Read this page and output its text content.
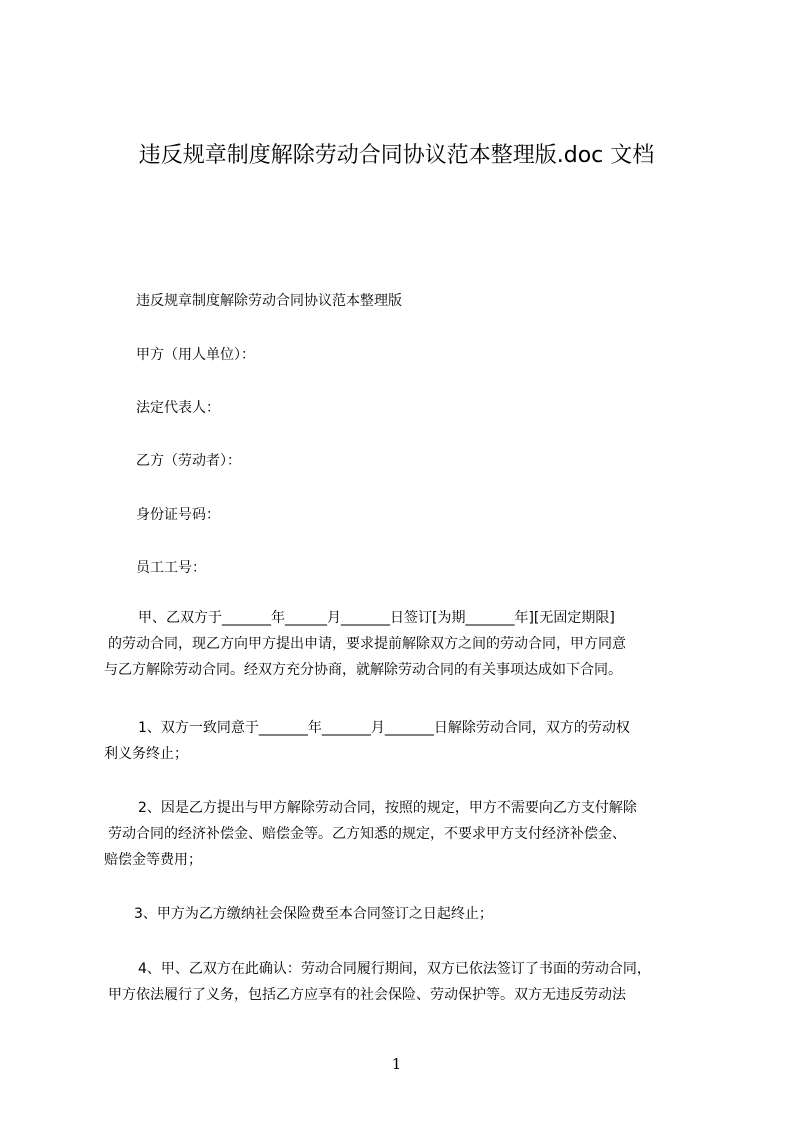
违反规章制度解除劳动合同协议范本整理版.doc 文档
违反规章制度解除劳动合同协议范本整理版
甲方（用人单位）：
法定代表人：
乙方（劳动者）：
身份证号码：
员工工号：
甲、乙双方于_______年______月_______日签订[为期_______年][无固定期限]
的劳动合同，现乙方向甲方提出申请，要求提前解除双方之间的劳动合同，甲方同意
与乙方解除劳动合同。经双方充分协商，就解除劳动合同的有关事项达成如下合同。
1、双方一致同意于_______年_______月_______日解除劳动合同，双方的劳动权
利义务终止；
2、因是乙方提出与甲方解除劳动合同，按照的规定，甲方不需要向乙方支付解除
劳动合同的经济补偿金、赔偿金等。乙方知悉的规定，不要求甲方支付经济补偿金、
赔偿金等费用；
3、甲方为乙方缴纳社会保险费至本合同签订之日起终止；
4、甲、乙双方在此确认：劳动合同履行期间，双方已依法签订了书面的劳动合同，
甲方依法履行了义务，包括乙方应享有的社会保险、劳动保护等。双方无违反劳动法
1
